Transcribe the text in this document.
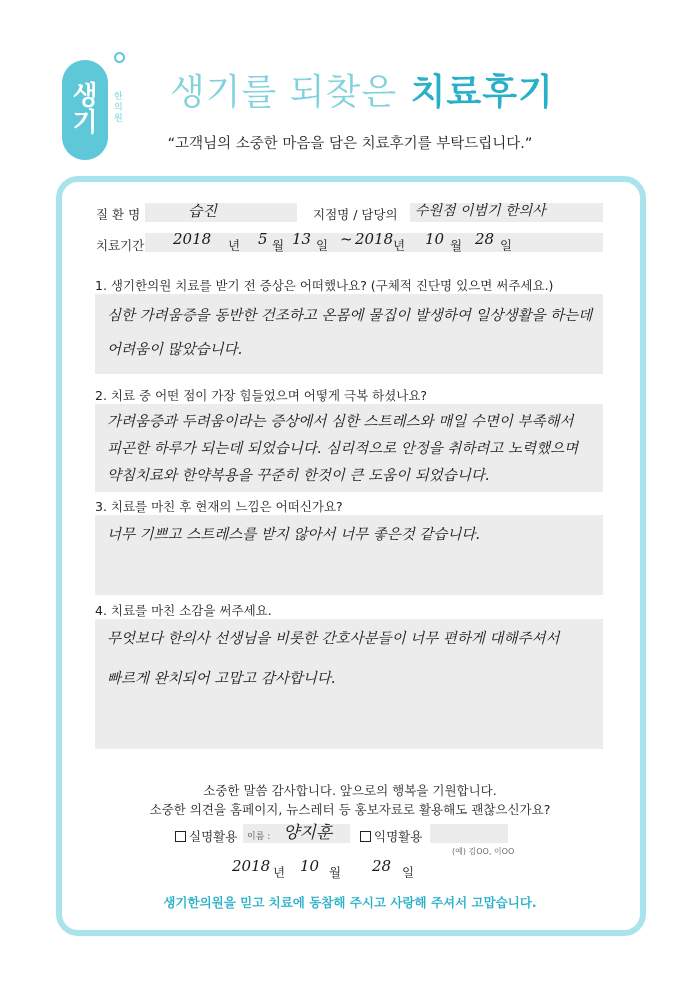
생
기
한의원
생기를 되찾은 치료후기
“고객님의 소중한 마음을 담은 치료후기를 부탁드립니다.”
질 환 명	습진	지점명 / 담당의 수원점 이범기 한의사
치료기간 2018 년 5 월 13 일 ~ 2018 년 10 월 28 일
1. 생기한의원 치료를 받기 전 증상은 어떠했나요? (구체적 진단명 있으면 써주세요.)
심한 가려움증을 동반한 건조하고 온몸에 물집이 발생하여 일상생활을 하는데
어려움이 많았습니다.
2. 치료 중 어떤 점이 가장 힘들었으며 어떻게 극복 하셨나요?
가려움증과 두려움이라는 증상에서 심한 스트레스와 매일 수면이 부족해서
피곤한 하루가 되는데 되었습니다. 심리적으로 안정을 취하려고 노력했으며
약침치료와 한약복용을 꾸준히 한것이 큰 도움이 되었습니다.
3. 치료를 마친 후 현재의 느낌은 어떠신가요?
너무 기쁘고 스트레스를 받지 않아서 너무 좋은것 같습니다.
4. 치료를 마친 소감을 써주세요.
무엇보다 한의사 선생님을 비롯한 간호사분들이 너무 편하게 대해주셔서
빠르게 완치되어 고맙고 감사합니다.
소중한 말씀 감사합니다. 앞으로의 행복을 기원합니다.
소중한 의견을 홈페이지, 뉴스레터 등 홍보자료로 활용해도 괜찮으신가요?
실명활용 이름 : 양지훈	익명활용
(예) 김OO, 이OO
2018 년 10 월 28 일
생기한의원을 믿고 치료에 동참해 주시고 사랑해 주셔서 고맙습니다.
